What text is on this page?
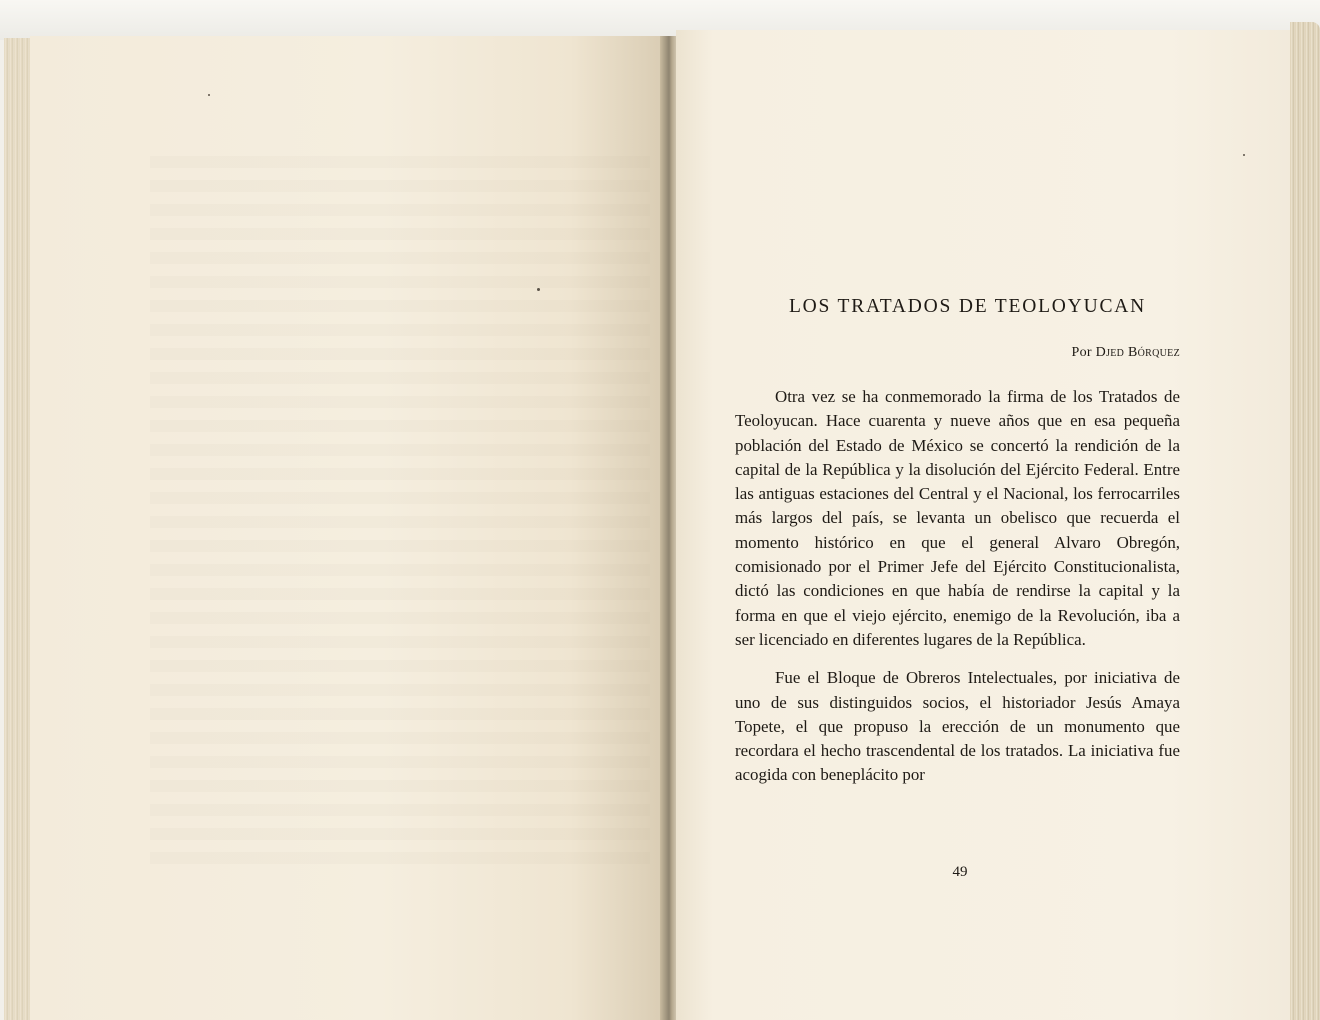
LOS TRATADOS DE TEOLOYUCAN
Por Djed Bórquez

Otra vez se ha conmemorado la firma de los Tratados de Teoloyucan. Hace cuarenta y nueve años que en esa pequeña población del Estado de México se concertó la rendición de la capital de la República y la disolución del Ejército Federal. Entre las antiguas estaciones del Central y el Nacional, los ferrocarriles más largos del país, se levanta un obelisco que recuerda el momento histórico en que el general Alvaro Obregón, comisionado por el Primer Jefe del Ejército Constitucionalista, dictó las condiciones en que había de rendirse la capital y la forma en que el viejo ejército, enemigo de la Revolución, iba a ser licenciado en diferentes lugares de la República.

Fue el Bloque de Obreros Intelectuales, por iniciativa de uno de sus distinguidos socios, el historiador Jesús Amaya Topete, el que propuso la erección de un monumento que recordara el hecho trascendental de los tratados. La iniciativa fue acogida con beneplácito por

49
